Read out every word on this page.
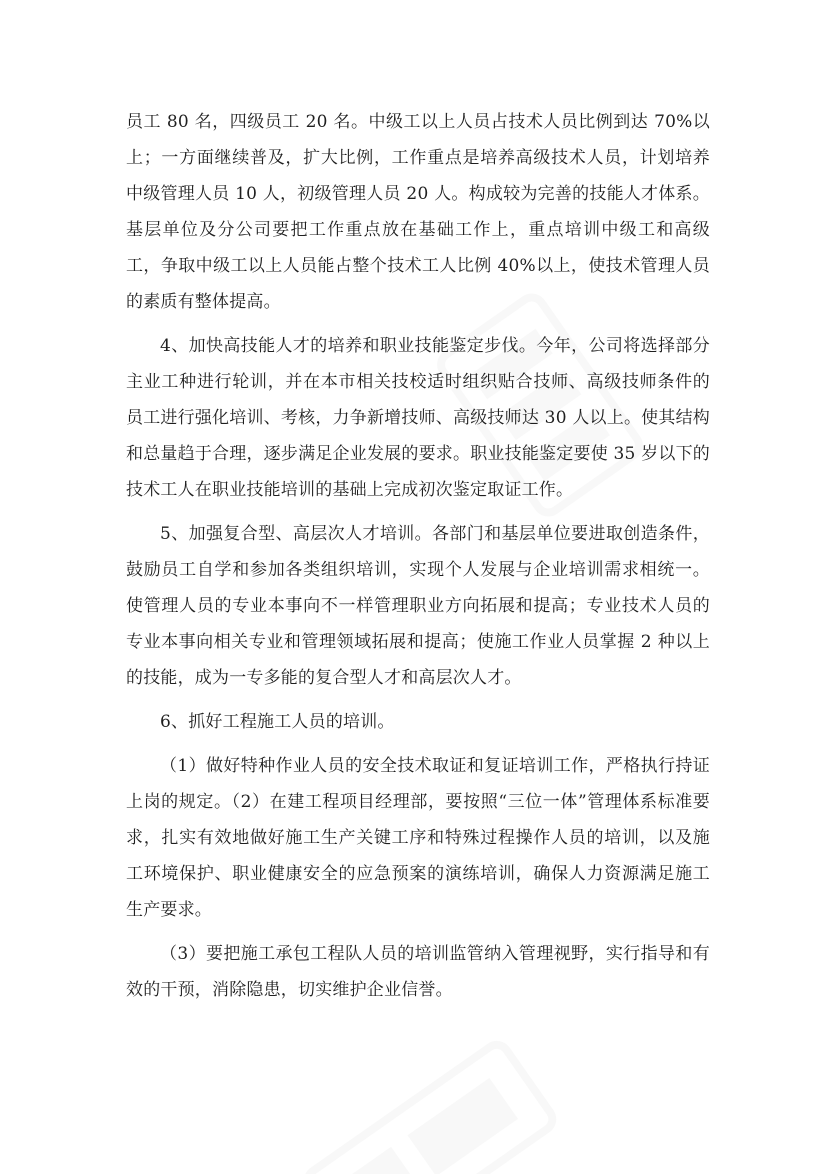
员工 80 名，四级员工 20 名。中级工以上人员占技术人员比例到达 70%以上；一方面继续普及，扩大比例，工作重点是培养高级技术人员，计划培养中级管理人员 10 人，初级管理人员 20 人。构成较为完善的技能人才体系。基层单位及分公司要把工作重点放在基础工作上，重点培训中级工和高级工，争取中级工以上人员能占整个技术工人比例 40%以上，使技术管理人员的素质有整体提高。

4、加快高技能人才的培养和职业技能鉴定步伐。今年，公司将选择部分主业工种进行轮训，并在本市相关技校适时组织贴合技师、高级技师条件的员工进行强化培训、考核，力争新增技师、高级技师达 30 人以上。使其结构和总量趋于合理，逐步满足企业发展的要求。职业技能鉴定要使 35 岁以下的技术工人在职业技能培训的基础上完成初次鉴定取证工作。

5、加强复合型、高层次人才培训。各部门和基层单位要进取创造条件，鼓励员工自学和参加各类组织培训，实现个人发展与企业培训需求相统一。使管理人员的专业本事向不一样管理职业方向拓展和提高；专业技术人员的专业本事向相关专业和管理领域拓展和提高；使施工作业人员掌握 2 种以上的技能，成为一专多能的复合型人才和高层次人才。

6、抓好工程施工人员的培训。

（1）做好特种作业人员的安全技术取证和复证培训工作，严格执行持证上岗的规定。（2）在建工程项目经理部，要按照“三位一体”管理体系标准要求，扎实有效地做好施工生产关键工序和特殊过程操作人员的培训，以及施工环境保护、职业健康安全的应急预案的演练培训，确保人力资源满足施工生产要求。

（3）要把施工承包工程队人员的培训监管纳入管理视野，实行指导和有效的干预，消除隐患，切实维护企业信誉。
